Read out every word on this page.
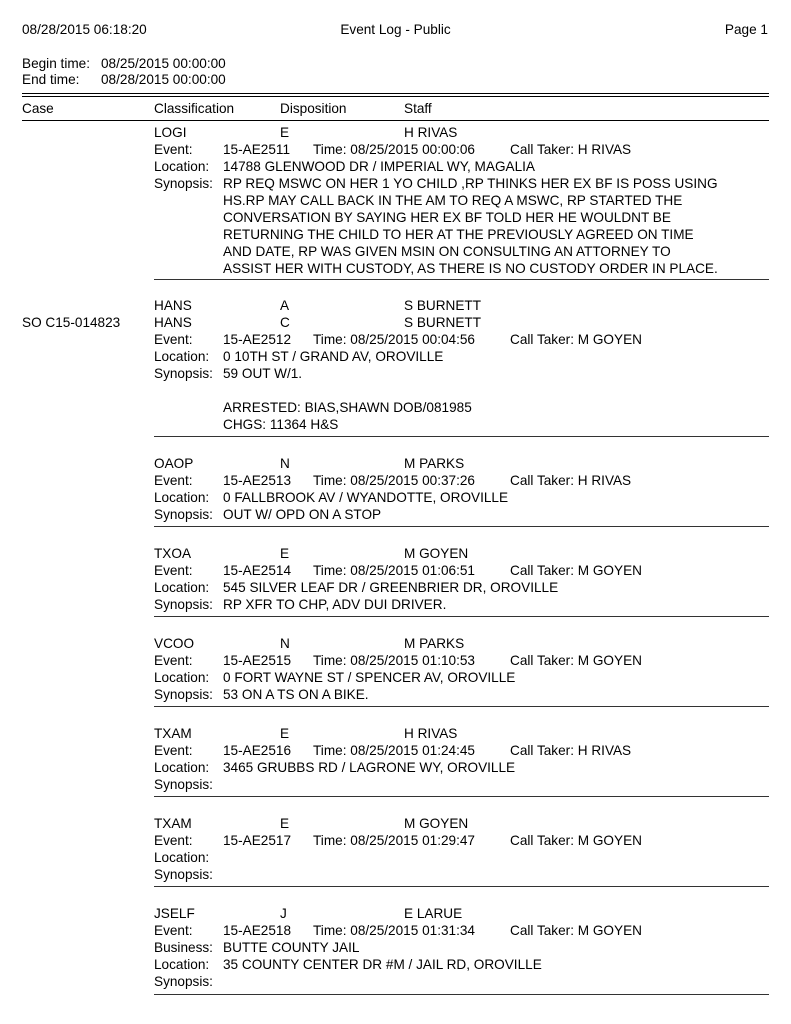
08/28/2015 06:18:20	Event Log - Public	Page 1
Begin time: 08/25/2015 00:00:00
End time: 08/28/2015 00:00:00
Case	Classification	Disposition	Staff
LOGI	E	H RIVAS
Event: 15-AE2511 Time: 08/25/2015 00:00:06	Call Taker: H RIVAS
Location: 14788 GLENWOOD DR / IMPERIAL WY, MAGALIA
Synopsis: RP REQ MSWC ON HER 1 YO CHILD ,RP THINKS HER EX BF IS POSS USING
HS.RP MAY CALL BACK IN THE AM TO REQ A MSWC, RP STARTED THE
CONVERSATION BY SAYING HER EX BF TOLD HER HE WOULDNT BE
RETURNING THE CHILD TO HER AT THE PREVIOUSLY AGREED ON TIME
AND DATE, RP WAS GIVEN MSIN ON CONSULTING AN ATTORNEY TO
ASSIST HER WITH CUSTODY, AS THERE IS NO CUSTODY ORDER IN PLACE.
HANS	A	S BURNETT
SO C15-014823 HANS	C	S BURNETT
Event: 15-AE2512 Time: 08/25/2015 00:04:56	Call Taker: M GOYEN
Location: 0 10TH ST / GRAND AV, OROVILLE
Synopsis: 59 OUT W/1.
ARRESTED: BIAS,SHAWN DOB/081985
CHGS: 11364 H&S
OAOP	N	M PARKS
Event: 15-AE2513 Time: 08/25/2015 00:37:26	Call Taker: H RIVAS
Location: 0 FALLBROOK AV / WYANDOTTE, OROVILLE
Synopsis: OUT W/ OPD ON A STOP
TXOA	E	M GOYEN
Event: 15-AE2514 Time: 08/25/2015 01:06:51	Call Taker: M GOYEN
Location: 545 SILVER LEAF DR / GREENBRIER DR, OROVILLE
Synopsis: RP XFR TO CHP, ADV DUI DRIVER.
VCOO	N	M PARKS
Event: 15-AE2515 Time: 08/25/2015 01:10:53	Call Taker: M GOYEN
Location: 0 FORT WAYNE ST / SPENCER AV, OROVILLE
Synopsis: 53 ON A TS ON A BIKE.
TXAM	E	H RIVAS
Event: 15-AE2516 Time: 08/25/2015 01:24:45	Call Taker: H RIVAS
Location: 3465 GRUBBS RD / LAGRONE WY, OROVILLE
Synopsis:
TXAM	E	M GOYEN
Event: 15-AE2517 Time: 08/25/2015 01:29:47	Call Taker: M GOYEN
Location:
Synopsis:
JSELF	J	E LARUE
Event: 15-AE2518 Time: 08/25/2015 01:31:34	Call Taker: M GOYEN
Business: BUTTE COUNTY JAIL
Location: 35 COUNTY CENTER DR #M / JAIL RD, OROVILLE
Synopsis:
